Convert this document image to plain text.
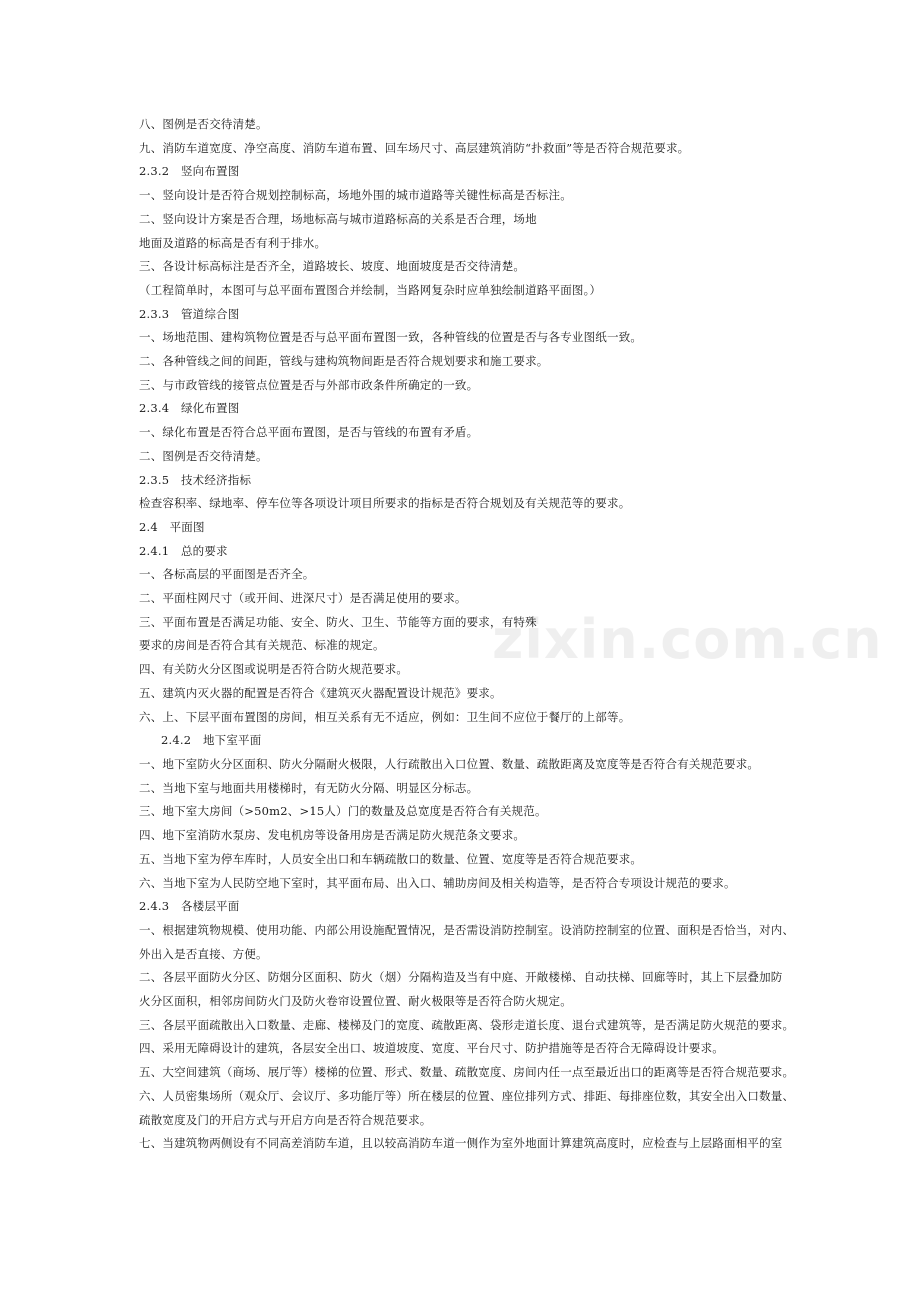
zixin.com.cn
八、图例是否交待清楚。
九、消防车道宽度、净空高度、消防车道布置、回车场尺寸、高层建筑消防“扑救面”等是否符合规范要求。
2.3.2　竖向布置图
一、竖向设计是否符合规划控制标高，场地外围的城市道路等关键性标高是否标注。
二、竖向设计方案是否合理，场地标高与城市道路标高的关系是否合理，场地
地面及道路的标高是否有利于排水。
三、各设计标高标注是否齐全，道路坡长、坡度、地面坡度是否交待清楚。
（工程简单时，本图可与总平面布置图合并绘制，当路网复杂时应单独绘制道路平面图。）
2.3.3　管道综合图
一、场地范围、建构筑物位置是否与总平面布置图一致，各种管线的位置是否与各专业图纸一致。
二、各种管线之间的间距，管线与建构筑物间距是否符合规划要求和施工要求。
三、与市政管线的接管点位置是否与外部市政条件所确定的一致。
2.3.4　绿化布置图
一、绿化布置是否符合总平面布置图，是否与管线的布置有矛盾。
二、图例是否交待清楚。
2.3.5　技术经济指标
检查容积率、绿地率、停车位等各项设计项目所要求的指标是否符合规划及有关规范等的要求。
2.4　平面图
2.4.1　总的要求
一、各标高层的平面图是否齐全。
二、平面柱网尺寸（或开间、进深尺寸）是否满足使用的要求。
三、平面布置是否满足功能、安全、防火、卫生、节能等方面的要求，有特殊
要求的房间是否符合其有关规范、标准的规定。
四、有关防火分区图或说明是否符合防火规范要求。
五、建筑内灭火器的配置是否符合《建筑灭火器配置设计规范》要求。
六、上、下层平面布置图的房间，相互关系有无不适应，例如：卫生间不应位于餐厅的上部等。
2.4.2　地下室平面
一、地下室防火分区面积、防火分隔耐火极限，人行疏散出入口位置、数量、疏散距离及宽度等是否符合有关规范要求。
二、当地下室与地面共用楼梯时，有无防火分隔、明显区分标志。
三、地下室大房间（>50m2、>15人）门的数量及总宽度是否符合有关规范。
四、地下室消防水泵房、发电机房等设备用房是否满足防火规范条文要求。
五、当地下室为停车库时，人员安全出口和车辆疏散口的数量、位置、宽度等是否符合规范要求。
六、当地下室为人民防空地下室时，其平面布局、出入口、辅助房间及相关构造等，是否符合专项设计规范的要求。
2.4.3　各楼层平面
一、根据建筑物规模、使用功能、内部公用设施配置情况，是否需设消防控制室。设消防控制室的位置、面积是否恰当，对内、
外出入是否直接、方便。
二、各层平面防火分区、防烟分区面积、防火（烟）分隔构造及当有中庭、开敞楼梯、自动扶梯、回廊等时，其上下层叠加防
火分区面积，相邻房间防火门及防火卷帘设置位置、耐火极限等是否符合防火规定。
三、各层平面疏散出入口数量、走廊、楼梯及门的宽度、疏散距离、袋形走道长度、退台式建筑等，是否满足防火规范的要求。
四、采用无障碍设计的建筑，各层安全出口、坡道坡度、宽度、平台尺寸、防护措施等是否符合无障碍设计要求。
五、大空间建筑（商场、展厅等）楼梯的位置、形式、数量、疏散宽度、房间内任一点至最近出口的距离等是否符合规范要求。
六、人员密集场所（观众厅、会议厅、多功能厅等）所在楼层的位置、座位排列方式、排距、每排座位数，其安全出入口数量、
疏散宽度及门的开启方式与开启方向是否符合规范要求。
七、当建筑物两侧设有不同高差消防车道，且以较高消防车道一侧作为室外地面计算建筑高度时，应检查与上层路面相平的室
